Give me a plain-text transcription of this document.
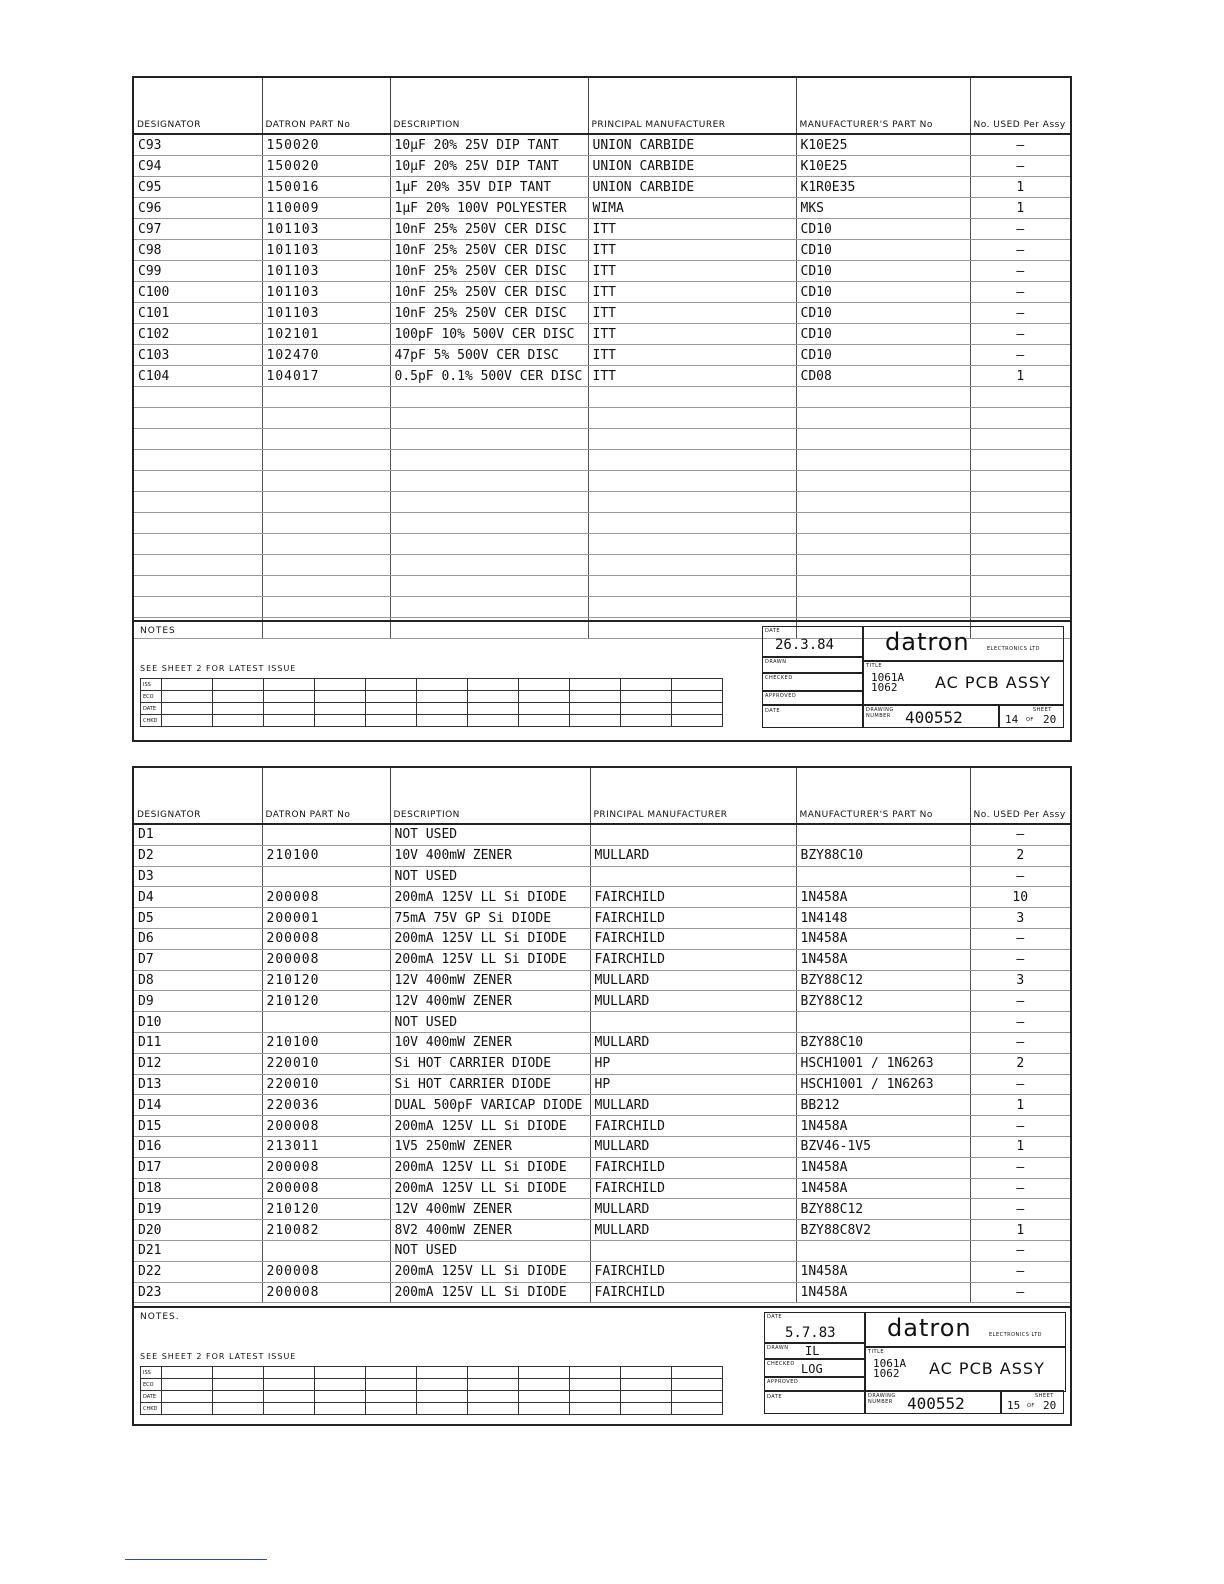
DESIGNATOR	DATRON PART No	DESCRIPTION	PRINCIPAL MANUFACTURER	MANUFACTURER'S PART No	No. USED Per Assy
C93	150020	10µF 20% 25V DIP TANT	UNION CARBIDE	K10E25	—
C94	150020	10µF 20% 25V DIP TANT	UNION CARBIDE	K10E25	—
C95	150016	1µF 20% 35V DIP TANT	UNION CARBIDE	K1R0E35	1
C96	110009	1µF 20% 100V POLYESTER	WIMA	MKS	1
C97	101103	10nF 25% 250V CER DISC	ITT	CD10	—
C98	101103	10nF 25% 250V CER DISC	ITT	CD10	—
C99	101103	10nF 25% 250V CER DISC	ITT	CD10	—
C100	101103	10nF 25% 250V CER DISC	ITT	CD10	—
C101	101103	10nF 25% 250V CER DISC	ITT	CD10	—
C102	102101	100pF 10% 500V CER DISC	ITT	CD10	—
C103	102470	47pF 5% 500V CER DISC	ITT	CD10	—
C104	104017	0.5pF 0.1% 500V CER DISC	ITT	CD08	1

NOTES
SEE SHEET 2 FOR LATEST ISSUE
ISS											
ECO											
DATE											
CHKD											
DATE
26.3.84
DRAWN
CHECKED
APPROVED
DATE
datron	ELECTRONICS LTD
TITLE
1061A 1062	AC PCB ASSY
DRAWING NUMBER 400552	SHEET
14 OF 20
DESIGNATOR	DATRON PART No	DESCRIPTION	PRINCIPAL MANUFACTURER	MANUFACTURER'S PART No	No. USED Per Assy
D1		NOT USED			—
D2	210100	10V 400mW ZENER	MULLARD	BZY88C10	2
D3		NOT USED			—
D4	200008	200mA 125V LL Si DIODE	FAIRCHILD	1N458A	10
D5	200001	75mA 75V GP Si DIODE	FAIRCHILD	1N4148	3
D6	200008	200mA 125V LL Si DIODE	FAIRCHILD	1N458A	—
D7	200008	200mA 125V LL Si DIODE	FAIRCHILD	1N458A	—
D8	210120	12V 400mW ZENER	MULLARD	BZY88C12	3
D9	210120	12V 400mW ZENER	MULLARD	BZY88C12	—
D10		NOT USED			—
D11	210100	10V 400mW ZENER	MULLARD	BZY88C10	—
D12	220010	Si HOT CARRIER DIODE	HP	HSCH1001 / 1N6263	2
D13	220010	Si HOT CARRIER DIODE	HP	HSCH1001 / 1N6263	—
D14	220036	DUAL 500pF VARICAP DIODE	MULLARD	BB212	1
D15	200008	200mA 125V LL Si DIODE	FAIRCHILD	1N458A	—
D16	213011	1V5 250mW ZENER	MULLARD	BZV46-1V5	1
D17	200008	200mA 125V LL Si DIODE	FAIRCHILD	1N458A	—
D18	200008	200mA 125V LL Si DIODE	FAIRCHILD	1N458A	—
D19	210120	12V 400mW ZENER	MULLARD	BZY88C12	—
D20	210082	8V2 400mW ZENER	MULLARD	BZY88C8V2	1
D21		NOT USED			—
D22	200008	200mA 125V LL Si DIODE	FAIRCHILD	1N458A	—
D23	200008	200mA 125V LL Si DIODE	FAIRCHILD	1N458A	—
NOTES.
SEE SHEET 2 FOR LATEST ISSUE
ISS											
ECO											
DATE											
CHKD											
DATE
5.7.83
DRAWN IL
CHECKED LOG
APPROVED
DATE
datron	ELECTRONICS LTD
TITLE
1061A 1062	AC PCB ASSY
DRAWING NUMBER 400552	SHEET
15 OF 20
